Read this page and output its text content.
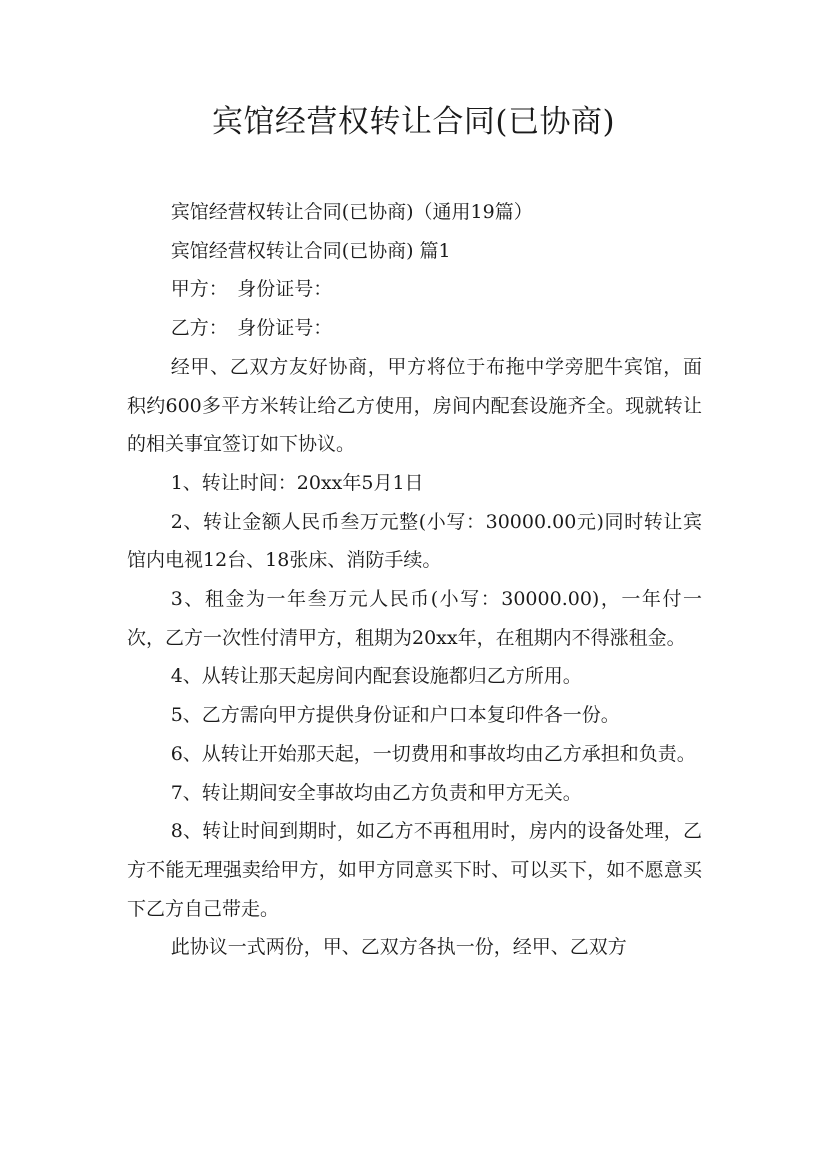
宾馆经营权转让合同(已协商)

宾馆经营权转让合同(已协商)（通用19篇）

宾馆经营权转让合同(已协商) 篇1

甲方：　身份证号：

乙方：　身份证号：

经甲、乙双方友好协商，甲方将位于布拖中学旁肥牛宾馆，面积约600多平方米转让给乙方使用，房间内配套设施齐全。现就转让的相关事宜签订如下协议。

1、转让时间：20xx年5月1日

2、转让金额人民币叁万元整(小写：30000.00元)同时转让宾馆内电视12台、18张床、消防手续。

3、租金为一年叁万元人民币(小写：30000.00)，一年付一次，乙方一次性付清甲方，租期为20xx年，在租期内不得涨租金。

4、从转让那天起房间内配套设施都归乙方所用。

5、乙方需向甲方提供身份证和户口本复印件各一份。

6、从转让开始那天起，一切费用和事故均由乙方承担和负责。

7、转让期间安全事故均由乙方负责和甲方无关。

8、转让时间到期时，如乙方不再租用时，房内的设备处理，乙方不能无理强卖给甲方，如甲方同意买下时、可以买下，如不愿意买下乙方自己带走。

此协议一式两份，甲、乙双方各执一份，经甲、乙双方
